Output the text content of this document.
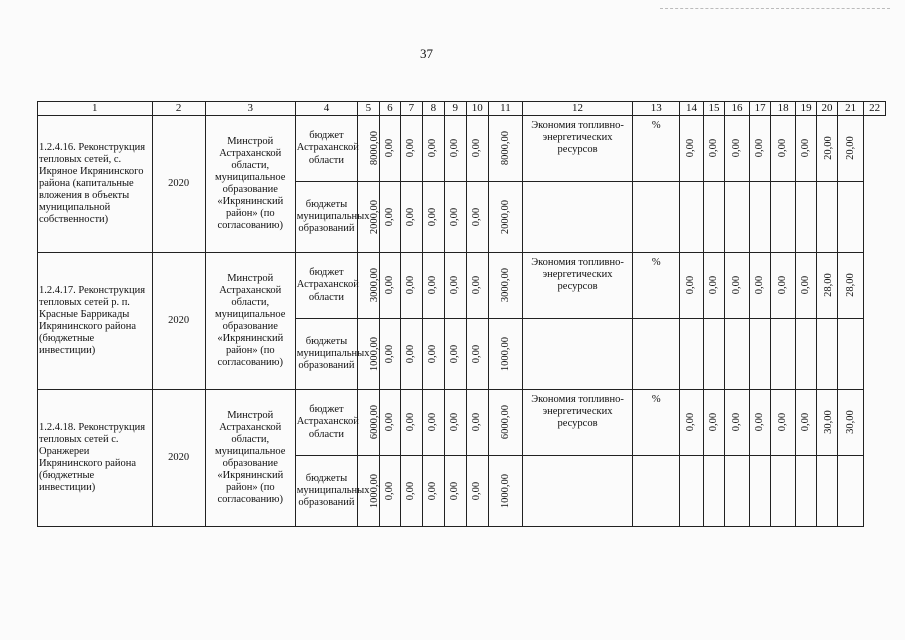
37
1	2	3	4	5	6	7	8	9	10	11	12	13	14	15	16	17	18	19	20	21	22
1.2.4.16. Реконструкция тепловых сетей, с. Икряное Икрянинского района (капитальные вложения в объекты муниципальной собственности)	2020	Минстрой Астраханской области, муниципальное образование «Икрянинский район» (по согласованию)	бюджет Астраханской области	8000,00	0,00	0,00	0,00	0,00	0,00	8000,00	Экономия топливно-энергетических ресурсов	%	0,00	0,00	0,00	0,00	0,00	0,00	20,00	20,00	
			бюджеты муниципальных образований	2000,00	0,00	0,00	0,00	0,00	0,00	2000,00											
1.2.4.17. Реконструкция тепловых сетей р. п. Красные Баррикады Икрянинского района (бюджетные инвестиции)	2020	Минстрой Астраханской области, муниципальное образование «Икрянинский район» (по согласованию)	бюджет Астраханской области	3000,00	0,00	0,00	0,00	0,00	0,00	3000,00	Экономия топливно-энергетических ресурсов	%	0,00	0,00	0,00	0,00	0,00	0,00	28,00	28,00	
			бюджеты муниципальных образований	1000,00	0,00	0,00	0,00	0,00	0,00	1000,00											
1.2.4.18. Реконструкция тепловых сетей с. Оранжереи Икрянинского района (бюджетные инвестиции)	2020	Минстрой Астраханской области, муниципальное образование «Икрянинский район» (по согласованию)	бюджет Астраханской области	6000,00	0,00	0,00	0,00	0,00	0,00	6000,00	Экономия топливно-энергетических ресурсов	%	0,00	0,00	0,00	0,00	0,00	0,00	30,00	30,00	
			бюджеты муниципальных образований	1000,00	0,00	0,00	0,00	0,00	0,00	1000,00											
